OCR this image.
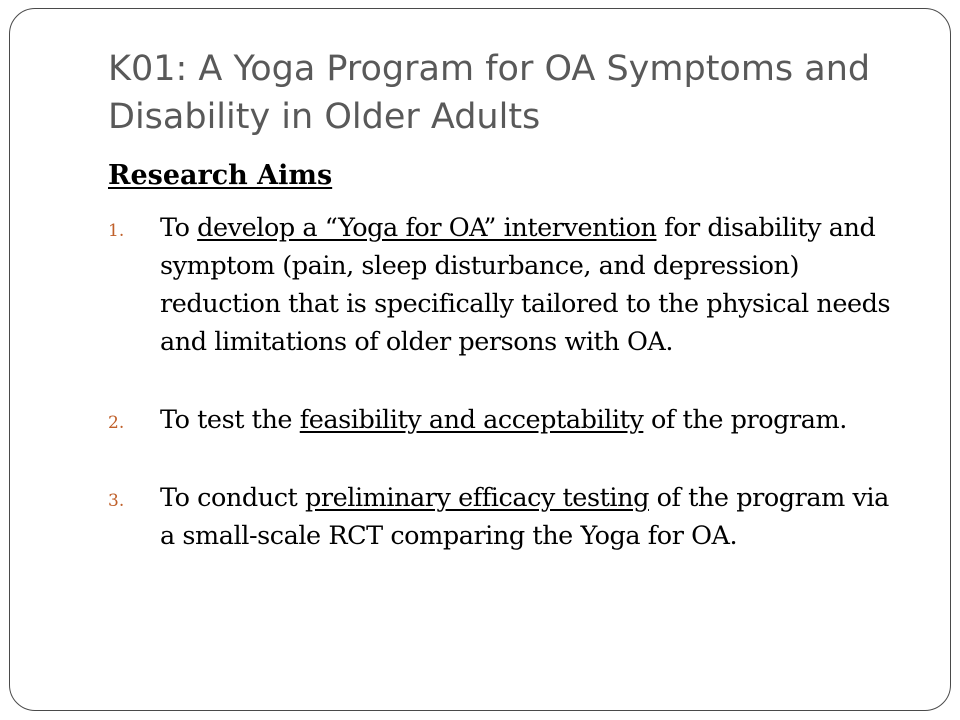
K01: A Yoga Program for OA Symptoms and Disability in Older Adults
Research Aims
1. To develop a “Yoga for OA” intervention for disability and symptom (pain, sleep disturbance, and depression) reduction that is specifically tailored to the physical needs and limitations of older persons with OA.
2. To test the feasibility and acceptability of the program.
3. To conduct preliminary efficacy testing of the program via a small-scale RCT comparing the Yoga for OA.
